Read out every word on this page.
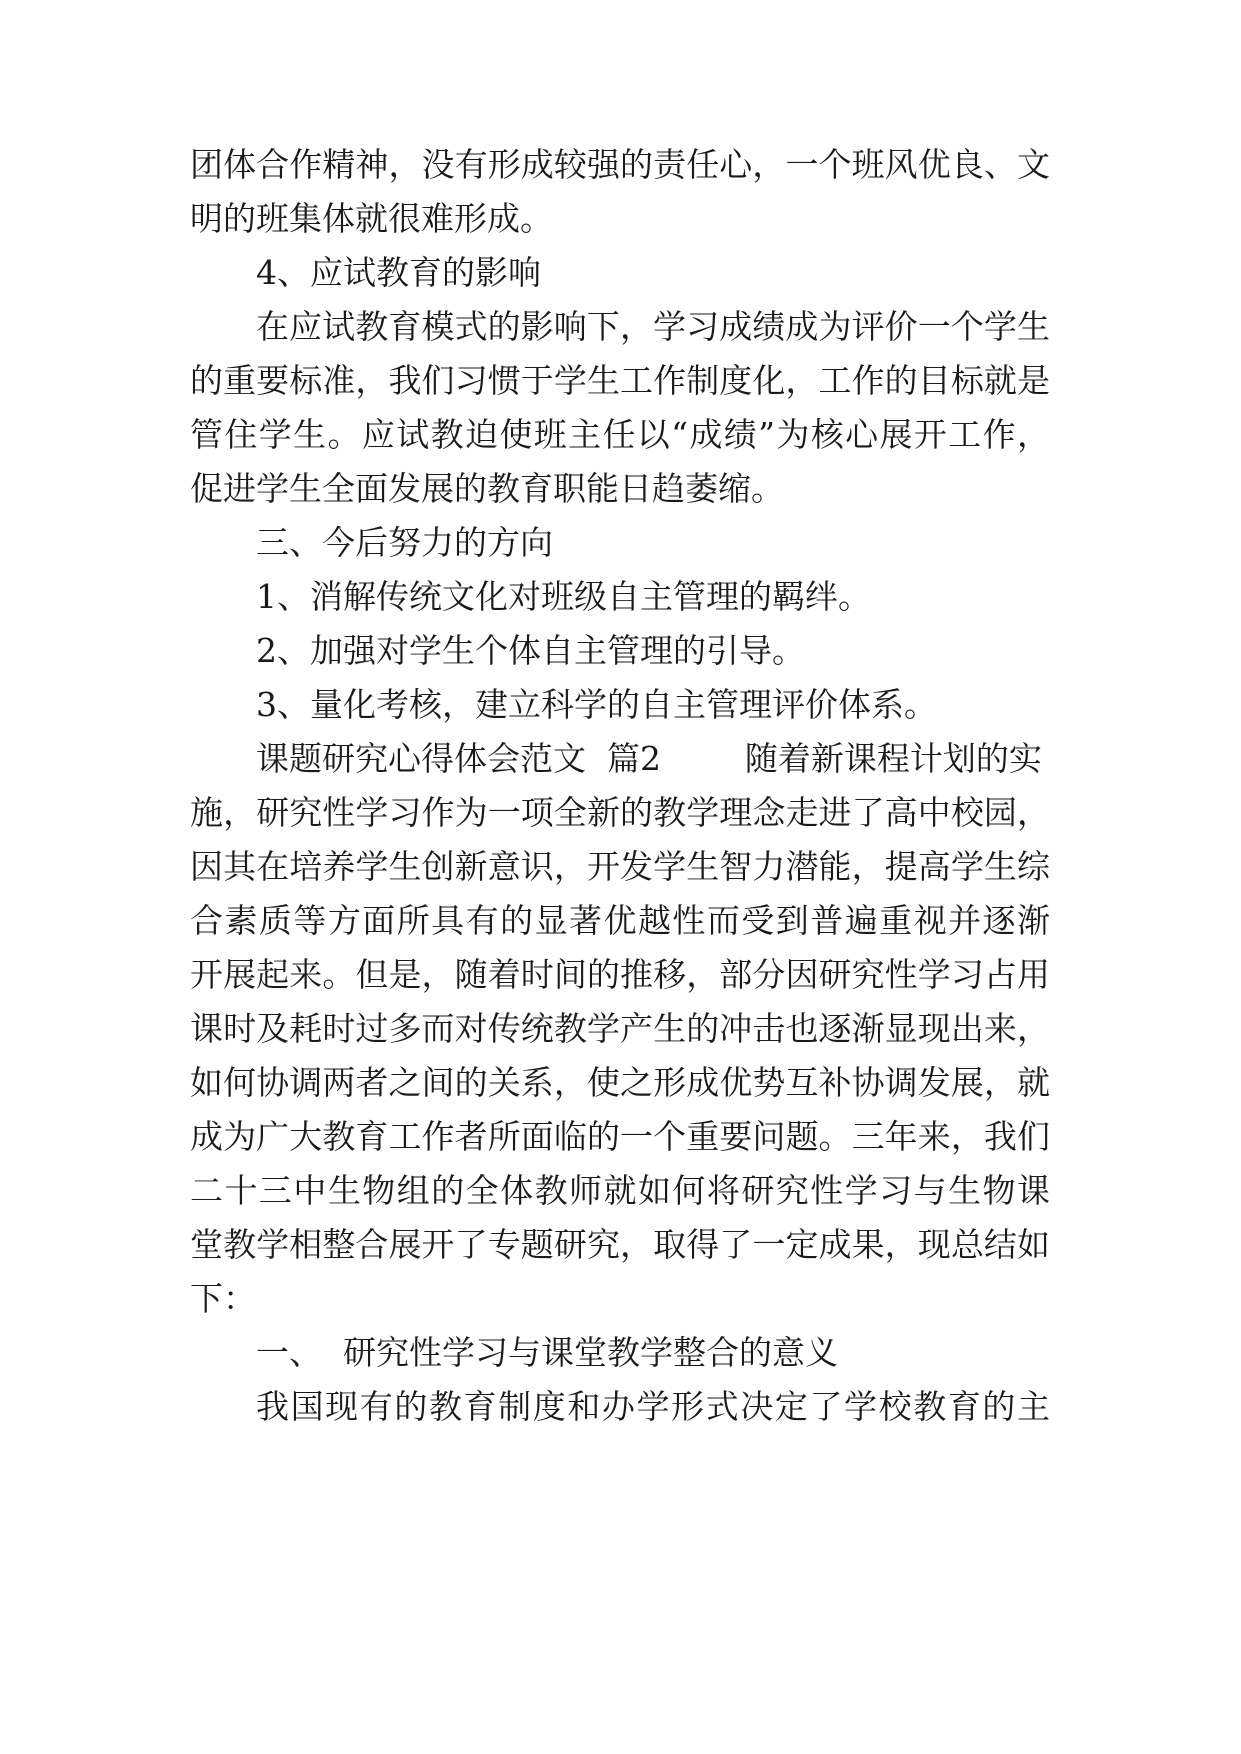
团体合作精神，没有形成较强的责任心，一个班风优良、文
明的班集体就很难形成。
4、应试教育的影响
在应试教育模式的影响下，学习成绩成为评价一个学生
的重要标准，我们习惯于学生工作制度化，工作的目标就是
管住学生。应试教迫使班主任以“成绩”为核心展开工作，
促进学生全面发展的教育职能日趋萎缩。
三、今后努力的方向
1、消解传统文化对班级自主管理的羁绊。
2、加强对学生个体自主管理的引导。
3、量化考核，建立科学的自主管理评价体系。
课题研究心得体会范文  篇2        随着新课程计划的实
施，研究性学习作为一项全新的教学理念走进了高中校园，
因其在培养学生创新意识，开发学生智力潜能，提高学生综
合素质等方面所具有的显著优越性而受到普遍重视并逐渐
开展起来。但是，随着时间的推移，部分因研究性学习占用
课时及耗时过多而对传统教学产生的冲击也逐渐显现出来，
如何协调两者之间的关系，使之形成优势互补协调发展，就
成为广大教育工作者所面临的一个重要问题。三年来，我们
二十三中生物组的全体教师就如何将研究性学习与生物课
堂教学相整合展开了专题研究，取得了一定成果，现总结如
下：
一、  研究性学习与课堂教学整合的意义
我国现有的教育制度和办学形式决定了学校教育的主
